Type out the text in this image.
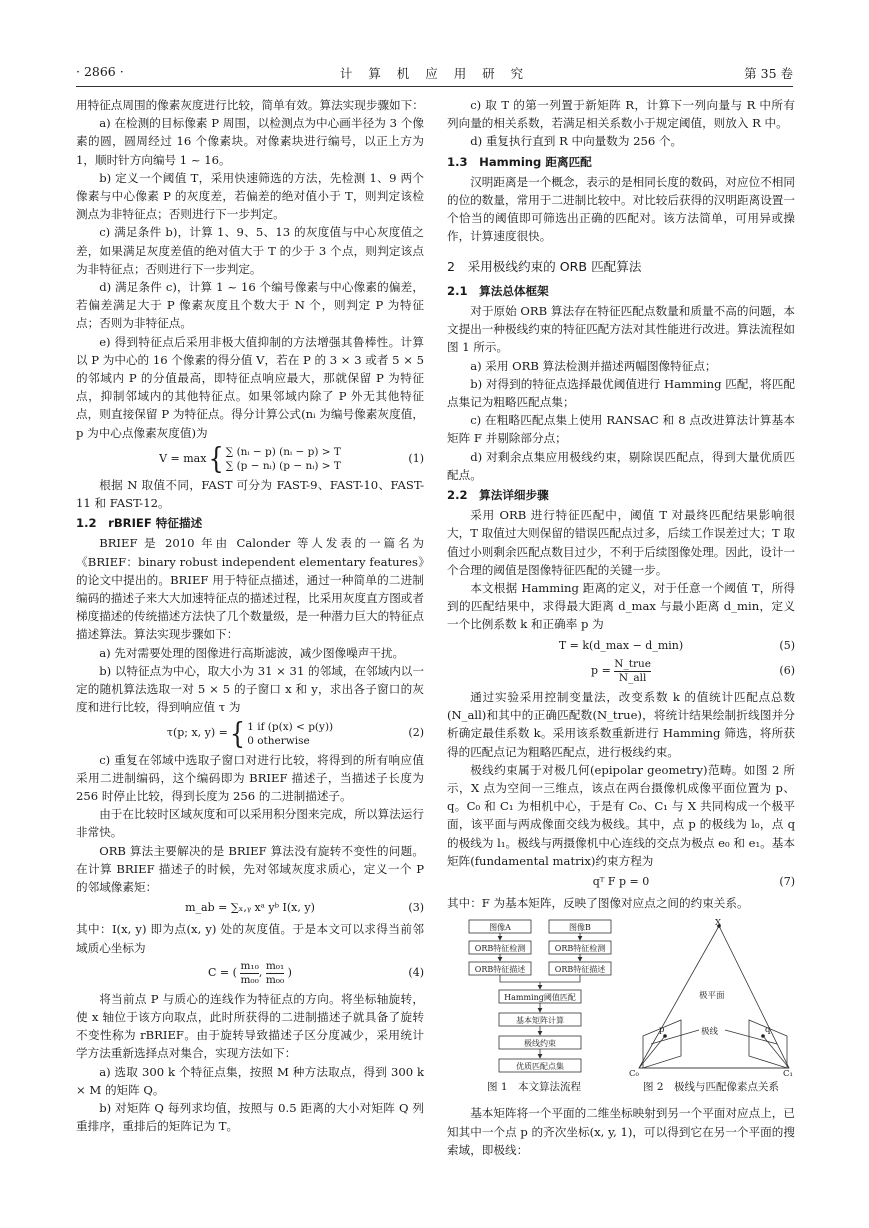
· 2866 ·	计 算 机 应 用 研 究	第 35 卷

用特征点周围的像素灰度进行比较，简单有效。算法实现步骤如下：

a) 在检测的目标像素 P 周围，以检测点为中心画半径为 3 个像素的圆，圆周经过 16 个像素块。对像素块进行编号，以正上方为 1，顺时针方向编号 1 ~ 16。

b) 定义一个阈值 T，采用快速筛选的方法，先检测 1、9 两个像素与中心像素 P 的灰度差，若偏差的绝对值小于 T，则判定该检测点为非特征点；否则进行下一步判定。

c) 满足条件 b)，计算 1、9、5、13 的灰度值与中心灰度值之差，如果满足灰度差值的绝对值大于 T 的少于 3 个点，则判定该点为非特征点；否则进行下一步判定。

d) 满足条件 c)，计算 1 ~ 16 个编号像素与中心像素的偏差，若偏差满足大于 P 像素灰度且个数大于 N 个，则判定 P 为特征点；否则为非特征点。

e) 得到特征点后采用非极大值抑制的方法增强其鲁棒性。计算以 P 为中心的 16 个像素的得分值 V，若在 P 的 3 × 3 或者 5 × 5 的邻域内 P 的分值最高，即特征点响应最大，那就保留 P 为特征点，抑制邻域内的其他特征点。如果邻域内除了 P 外无其他特征点，则直接保留 P 为特征点。得分计算公式(nᵢ 为编号像素灰度值，p 为中心点像素灰度值)为

V = max { ∑ (nᵢ − p) (nᵢ − p) > T
∑ (p − nᵢ) (p − nᵢ) > T
(1)

根据 N 取值不同，FAST 可分为 FAST-9、FAST-10、FAST-11 和 FAST-12。

1.2　rBRIEF 特征描述

BRIEF 是 2010 年由 Calonder 等人发表的一篇名为《BRIEF：binary robust independent elementary features》的论文中提出的。BRIEF 用于特征点描述，通过一种简单的二进制编码的描述子来大大加速特征点的描述过程，比采用灰度直方图或者梯度描述的传统描述方法快了几个数量级，是一种潜力巨大的特征点描述算法。算法实现步骤如下：

a) 先对需要处理的图像进行高斯滤波，减少图像噪声干扰。

b) 以特征点为中心，取大小为 31 × 31 的邻域，在邻域内以一定的随机算法选取一对 5 × 5 的子窗口 x 和 y，求出各子窗口的灰度和进行比较，得到响应值 τ 为

τ(p; x, y) = { 1 if (p(x) < p(y))
0 otherwise
(2)

c) 重复在邻域中选取子窗口对进行比较，将得到的所有响应值采用二进制编码，这个编码即为 BRIEF 描述子，当描述子长度为 256 时停止比较，得到长度为 256 的二进制描述子。

由于在比较时区域灰度和可以采用积分图来完成，所以算法运行非常快。

ORB 算法主要解决的是 BRIEF 算法没有旋转不变性的问题。在计算 BRIEF 描述子的时候，先对邻域灰度求质心，定义一个 P 的邻域像素矩：

m_ab = ∑ₓ,ᵧ xᵃ yᵇ I(x, y)	(3)

其中：I(x, y) 即为点(x, y) 处的灰度值。于是本文可以求得当前邻域质心坐标为

C = ( $\frac{\text{m₁₀}}{\text{m₀₀}}$ , $\frac{\text{m₀₁}}{\text{m₀₀}}$ )	(4)

将当前点 P 与质心的连线作为特征点的方向。将坐标轴旋转，使 x 轴位于该方向取点，此时所获得的二进制描述子就具备了旋转不变性称为 rBRIEF。由于旋转导致描述子区分度减少，采用统计学方法重新选择点对集合，实现方法如下：

a) 选取 300 k 个特征点集，按照 M 种方法取点，得到 300 k × M 的矩阵 Q。

b) 对矩阵 Q 每列求均值，按照与 0.5 距离的大小对矩阵 Q 列重排序，重排后的矩阵记为 T。

c) 取 T 的第一列置于新矩阵 R，计算下一列向量与 R 中所有列向量的相关系数，若满足相关系数小于规定阈值，则放入 R 中。

d) 重复执行直到 R 中向量数为 256 个。

1.3　Hamming 距离匹配

汉明距离是一个概念，表示的是相同长度的数码，对应位不相同的位的数量，常用于二进制比较中。对比较后获得的汉明距离设置一个恰当的阈值即可筛选出正确的匹配对。该方法简单，可用异或操作，计算速度很快。

2　采用极线约束的 ORB 匹配算法
2.1　算法总体框架

对于原始 ORB 算法存在特征匹配点数量和质量不高的问题，本文提出一种极线约束的特征匹配方法对其性能进行改进。算法流程如图 1 所示。

a) 采用 ORB 算法检测并描述两幅图像特征点；

b) 对得到的特征点选择最优阈值进行 Hamming 匹配，将匹配点集记为粗略匹配点集；

c) 在粗略匹配点集上使用 RANSAC 和 8 点改进算法计算基本矩阵 F 并剔除部分点；

d) 对剩余点集应用极线约束，剔除误匹配点，得到大量优质匹配点。

2.2　算法详细步骤

采用 ORB 进行特征匹配中，阈值 T 对最终匹配结果影响很大，T 取值过大则保留的错误匹配点过多，后续工作误差过大；T 取值过小则剩余匹配点数目过少，不利于后续图像处理。因此，设计一个合理的阈值是图像特征匹配的关键一步。

本文根据 Hamming 距离的定义，对于任意一个阈值 T，所得到的匹配结果中，求得最大距离 d_max 与最小距离 d_min，定义一个比例系数 k 和正确率 p 为

T = k(d_max − d_min)	(5)
p =
$\frac{\text{N\_true}}{\text{N\_all}}$	(6)

通过实验采用控制变量法，改变系数 k 的值统计匹配点总数(N_all)和其中的正确匹配数(N_true)，将统计结果绘制折线图并分析确定最佳系数 k。采用该系数重新进行 Hamming 筛选，将所获得的匹配点记为粗略匹配点，进行极线约束。

极线约束属于对极几何(epipolar geometry)范畴。如图 2 所示，X 点为空间一三维点，该点在两台摄像机成像平面位置为 p、q。C₀ 和 C₁ 为相机中心，于是有 C₀、C₁ 与 X 共同构成一个极平面，该平面与两成像面交线为极线。其中，点 p 的极线为 l₀，点 q 的极线为 l₁。极线与两摄像机中心连线的交点为极点 e₀ 和 e₁。基本矩阵(fundamental matrix)约束方程为

qᵀ F p = 0	(7)

其中：F 为基本矩阵，反映了图像对应点之间的约束关系。

图像A	图像B
ORB特征检测	ORB特征检测
ORB特征描述	ORB特征描述
Hamming阈值匹配
基本矩阵计算
极线约束
优质匹配点集
图 1　本文算法流程
X
极平面
极线
p	q
C₀	C₁
图 2　极线与匹配像素点关系

基本矩阵将一个平面的二维坐标映射到另一个平面对应点上，已知其中一个点 p 的齐次坐标(x, y, 1)，可以得到它在另一个平面的搜索域，即极线：
